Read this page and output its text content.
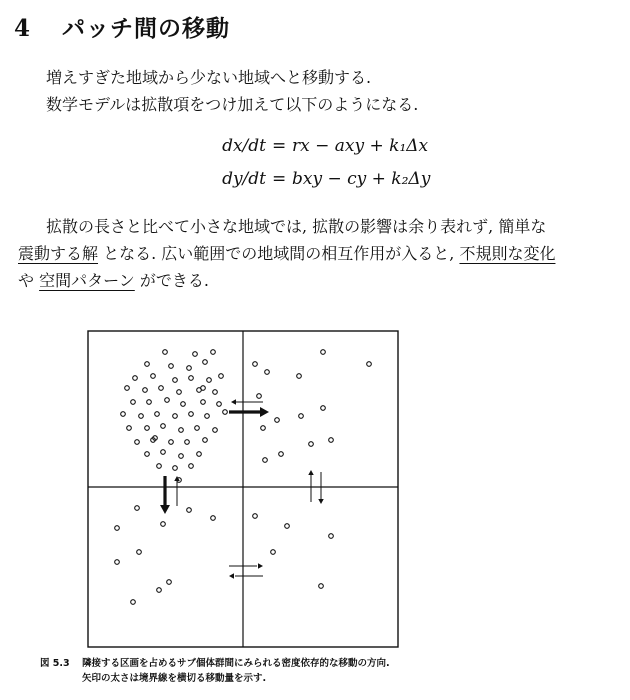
4 パッチ間の移動
増えすぎた地域から少ない地域へと移動する.
数学モデルは拡散項をつけ加えて以下のようになる.
dx/dt = rx − axy + k₁Δx
dy/dt = bxy − cy + k₂Δy
拡散の長さと比べて小さな地域では, 拡散の影響は余り表れず, 簡単な
震動する解 となる. 広い範囲での地域間の相互作用が入ると, 不規則な変化
や 空間パターン ができる.
図 5.3 隣接する区画を占めるサブ個体群間にみられる密度依存的な移動の方向.
矢印の太さは境界線を横切る移動量を示す.
